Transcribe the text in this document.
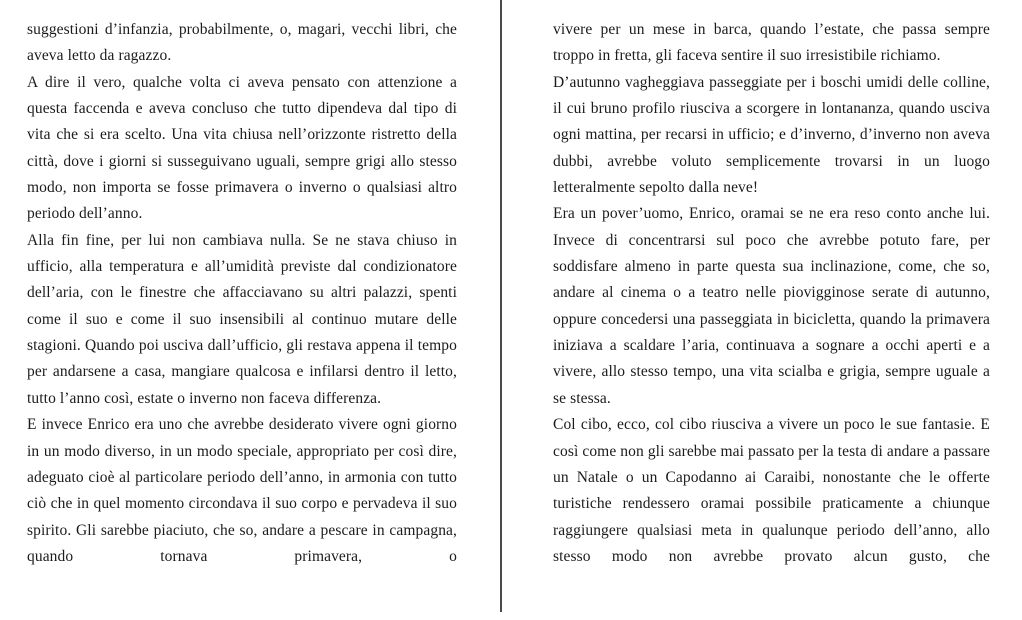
suggestioni d’infanzia, probabilmente, o, magari, vecchi libri, che aveva letto da ragazzo.

A dire il vero, qualche volta ci aveva pensato con attenzione a questa faccenda e aveva concluso che tutto dipendeva dal tipo di vita che si era scelto. Una vita chiusa nell’orizzonte ristretto della città, dove i giorni si susseguivano uguali, sempre grigi allo stesso modo, non importa se fosse primavera o inverno o qualsiasi altro periodo dell’anno.

Alla fin fine, per lui non cambiava nulla. Se ne stava chiuso in ufficio, alla temperatura e all’umidità previste dal condizionatore dell’aria, con le finestre che affacciavano su altri palazzi, spenti come il suo e come il suo insensibili al continuo mutare delle stagioni. Quando poi usciva dall’ufficio, gli restava appena il tempo per andarsene a casa, mangiare qualcosa e infilarsi dentro il letto, tutto l’anno così, estate o inverno non faceva differenza.

E invece Enrico era uno che avrebbe desiderato vivere ogni giorno in un modo diverso, in un modo speciale, appropriato per così dire, adeguato cioè al particolare periodo dell’anno, in armonia con tutto ciò che in quel momento circondava il suo corpo e pervadeva il suo spirito. Gli sarebbe piaciuto, che so, andare a pescare in campagna, quando tornava primavera, o

vivere per un mese in barca, quando l’estate, che passa sempre troppo in fretta, gli faceva sentire il suo irresistibile richiamo.

D’autunno vagheggiava passeggiate per i boschi umidi delle colline, il cui bruno profilo riusciva a scorgere in lontananza, quando usciva ogni mattina, per recarsi in ufficio; e d’inverno, d’inverno non aveva dubbi, avrebbe voluto semplicemente trovarsi in un luogo letteralmente sepolto dalla neve!

Era un pover’uomo, Enrico, oramai se ne era reso conto anche lui. Invece di concentrarsi sul poco che avrebbe potuto fare, per soddisfare almeno in parte questa sua inclinazione, come, che so, andare al cinema o a teatro nelle piovigginose serate di autunno, oppure concedersi una passeggiata in bicicletta, quando la primavera iniziava a scaldare l’aria, continuava a sognare a occhi aperti e a vivere, allo stesso tempo, una vita scialba e grigia, sempre uguale a se stessa.

Col cibo, ecco, col cibo riusciva a vivere un poco le sue fantasie. E così come non gli sarebbe mai passato per la testa di andare a passare un Natale o un Capodanno ai Caraibi, nonostante che le offerte turistiche rendessero oramai possibile praticamente a chiunque raggiungere qualsiasi meta in qualunque periodo dell’anno, allo stesso modo non avrebbe provato alcun gusto, che
